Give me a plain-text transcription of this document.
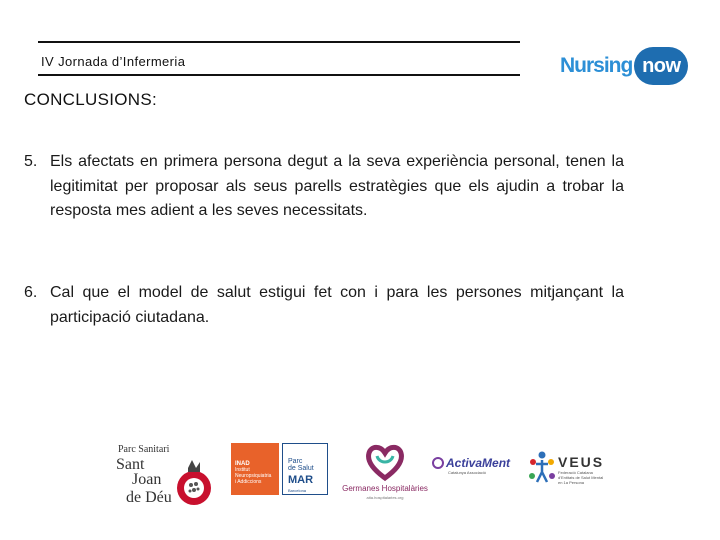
IV Jornada d’Infermeria	Nursing now
CONCLUSIONS:
5. Els afectats en primera persona degut a la seva experiència personal, tenen la legitimitat per proposar als seus parells estratègies que els ajudin a trobar la resposta mes adient a les seves necessitats.
6. Cal que el model de salut estigui fet con i para les persones mitjançant la participació ciutadana.
Parc Sanitari
Sant
Joan
de Déu
INAD
Institut
Neuropsiquiatria
i Addiccions
Parc
de Salut
MAR
Barcelona	Germanes Hospitalàries
aita.hospitalaries.org
ActivaMent
Catalunya Associació
VEUS
Federació Catalana d'Entitats de Salut Mental en 1a Persona
